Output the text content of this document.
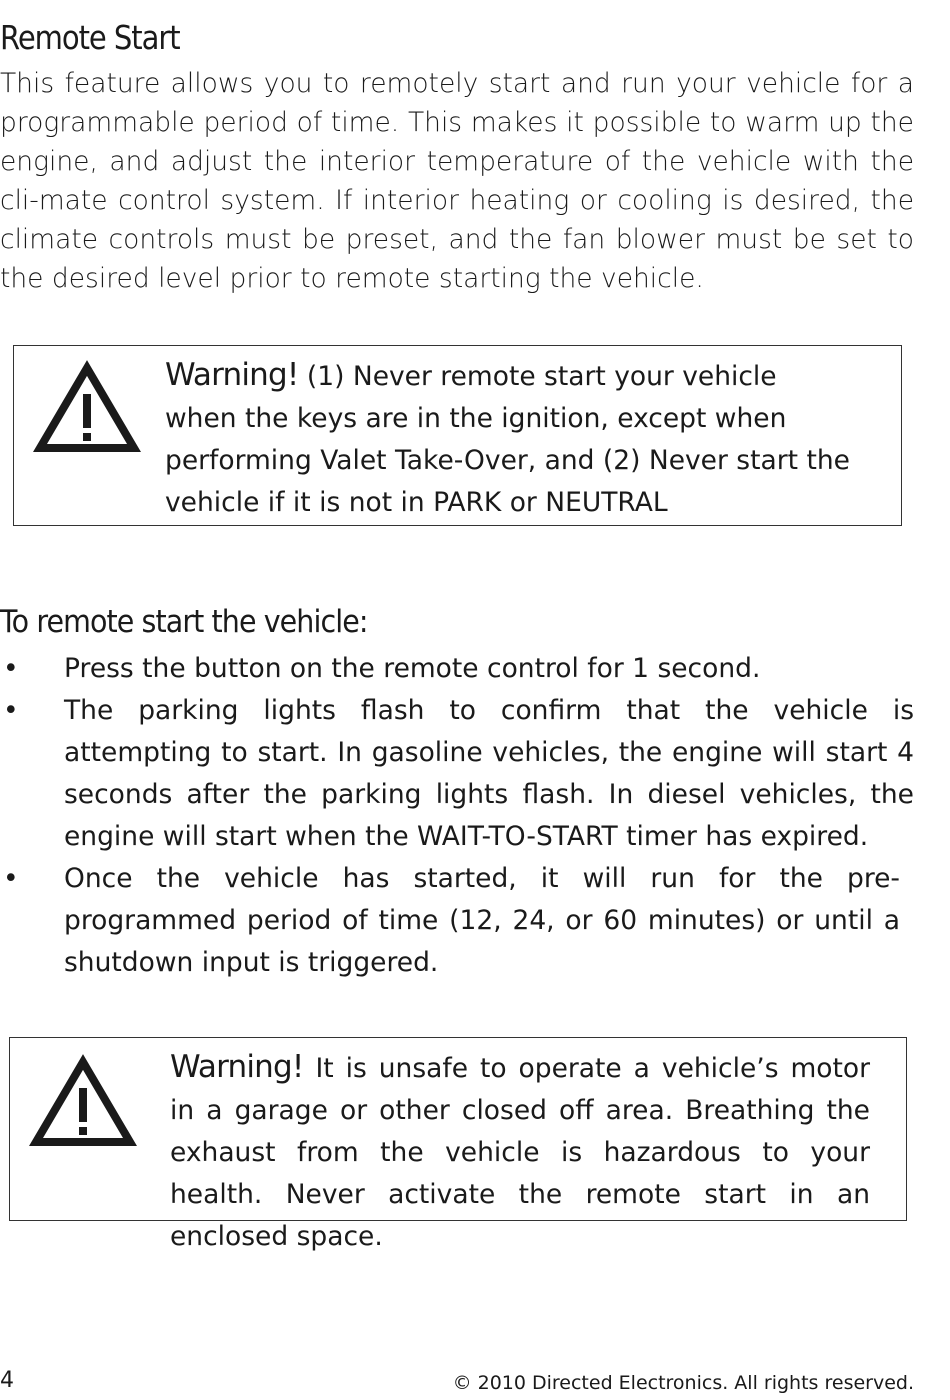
Remote Start

This feature allows you to remotely start and run your vehicle for a programmable period of time. This makes it possible to warm up the engine, and adjust the interior temperature of the vehicle with the cli-mate control system. If interior heating or cooling is desired, the climate controls must be preset, and the fan blower must be set to the desired level prior to remote starting the vehicle.

Warning! (1) Never remote start your vehicle when the keys are in the ignition, except when performing Valet Take-Over, and (2) Never start the vehicle if it is not in PARK or NEUTRAL

To remote start the vehicle:
• Press the button on the remote control for 1 second.
• The parking lights flash to confirm that the vehicle is attempting to start. In gasoline vehicles, the engine will start 4 seconds after the parking lights flash. In diesel vehicles, the engine will start when the WAIT-TO-START timer has expired.
• Once the vehicle has started, it will run for the pre-programmed period of time (12, 24, or 60 minutes) or until a shutdown input is triggered.

Warning! It is unsafe to operate a vehicle’s motor in a garage or other closed off area. Breathing the exhaust from the vehicle is hazardous to your health. Never activate the remote start in an enclosed space.

4	© 2010 Directed Electronics. All rights reserved.
